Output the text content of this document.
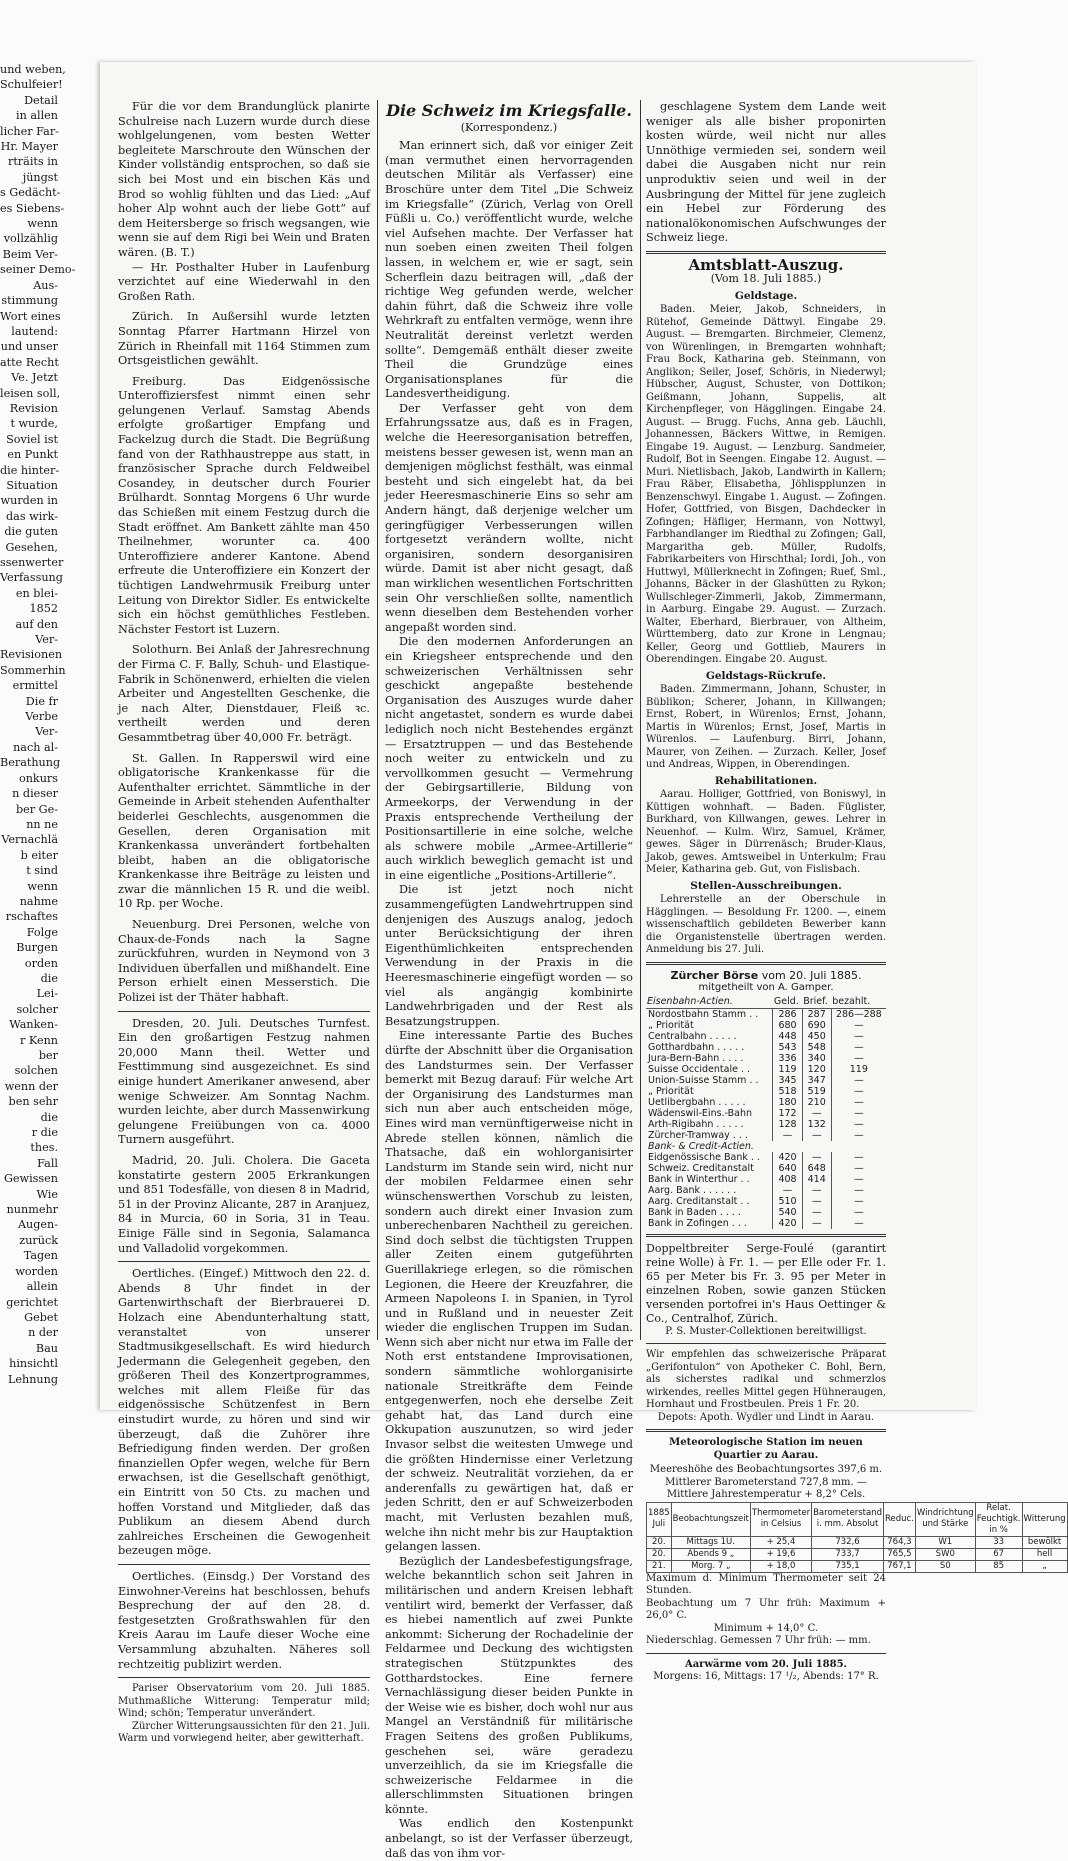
und weben,
Schulfeier!
Detail
in allen
licher Far-
Hr. Mayer
rträits in
jüngst
s Gedächt-
es Siebens-
wenn
vollzählig
Beim Ver-
seiner Demo-
Aus-
stimmung
Wort eines
lautend:
und unser
atte Recht
Ve. Jetzt
leisen soll,
Revision
t wurde,
Soviel ist
en Punkt
die hinter-
Situation
wurden in
das wirk-
die guten
Gesehen,
ssenwerter
Verfassung
en blei-
1852
auf den
Ver-
Revisionen
Sommerhin
ermittel
Die fr
Verbe
Ver-
nach al-
Berathung
onkurs
n dieser
ber Ge-
nn ne
Vernachlä
b eiter
t sind
wenn
nahme
rschaftes
Folge
Burgen
orden
die
Lei-
solcher
Wanken-
r Kenn
ber
solchen
wenn der
ben sehr
die
r die
thes.
Fall
Gewissen
Wie
nunmehr
Augen-
zurück
Tagen
worden
allein
gerichtet
Gebet
n der
Bau
hinsichtl
Lehnung

Für die vor dem Brandunglück planirte Schulreise nach Luzern wurde durch diese wohlgelungenen, vom besten Wetter begleitete Marschroute den Wünschen der Kinder vollständig entsprochen, so daß sie sich bei Most und ein bischen Käs und Brod so wohlig fühlten und das Lied: „Auf hoher Alp wohnt auch der liebe Gott“ auf dem Heitersberge so frisch wegsangen, wie wenn sie auf dem Rigi bei Wein und Braten wären. (B. T.)

— Hr. Posthalter Huber in Laufenburg verzichtet auf eine Wiederwahl in den Großen Rath.

Zürich. In Außersihl wurde letzten Sonntag Pfarrer Hartmann Hirzel von Zürich in Rheinfall mit 1164 Stimmen zum Ortsgeistlichen gewählt.

Freiburg. Das Eidgenössische Unteroffiziersfest nimmt einen sehr gelungenen Verlauf. Samstag Abends erfolgte großartiger Empfang und Fackelzug durch die Stadt. Die Begrüßung fand von der Rathhaustreppe aus statt, in französischer Sprache durch Feldweibel Cosandey, in deutscher durch Fourier Brülhardt. Sonntag Morgens 6 Uhr wurde das Schießen mit einem Festzug durch die Stadt eröffnet. Am Bankett zählte man 450 Theilnehmer, worunter ca. 400 Unteroffiziere anderer Kantone. Abend erfreute die Unteroffiziere ein Konzert der tüchtigen Landwehrmusik Freiburg unter Leitung von Direktor Sidler. Es entwickelte sich ein höchst gemüthliches Festleben. Nächster Festort ist Luzern.

Solothurn. Bei Anlaß der Jahresrechnung der Firma C. F. Bally, Schuh- und Elastique-Fabrik in Schönenwerd, erhielten die vielen Arbeiter und Angestellten Geschenke, die je nach Alter, Dienstdauer, Fleiß ꝛc. vertheilt werden und deren Gesammtbetrag über 40,000 Fr. beträgt.

St. Gallen. In Rapperswil wird eine obligatorische Krankenkasse für die Aufenthalter errichtet. Sämmtliche in der Gemeinde in Arbeit stehenden Aufenthalter beiderlei Geschlechts, ausgenommen die Gesellen, deren Organisation mit Krankenkassa unverändert fortbehalten bleibt, haben an die obligatorische Krankenkasse ihre Beiträge zu leisten und zwar die männlichen 15 R. und die weibl. 10 Rp. per Woche.

Neuenburg. Drei Personen, welche von Chaux-de-Fonds nach la Sagne zurückfuhren, wurden in Neymond von 3 Individuen überfallen und mißhandelt. Eine Person erhielt einen Messerstich. Die Polizei ist der Thäter habhaft.

Dresden, 20. Juli. Deutsches Turnfest. Ein den großartigen Festzug nahmen 20,000 Mann theil. Wetter und Festtimmung sind ausgezeichnet. Es sind einige hundert Amerikaner anwesend, aber wenige Schweizer. Am Sonntag Nachm. wurden leichte, aber durch Massenwirkung gelungene Freiübungen von ca. 4000 Turnern ausgeführt.

Madrid, 20. Juli. Cholera. Die Gaceta konstatirte gestern 2005 Erkrankungen und 851 Todesfälle, von diesen 8 in Madrid, 51 in der Provinz Alicante, 287 in Aranjuez, 84 in Murcia, 60 in Soria, 31 in Teau. Einige Fälle sind in Segonia, Salamanca und Valladolid vorgekommen.

Oertliches. (Eingef.) Mittwoch den 22. d. Abends 8 Uhr findet in der Gartenwirthschaft der Bierbrauerei D. Holzach eine Abendunterhaltung statt, veranstaltet von unserer Stadtmusikgesellschaft. Es wird hiedurch Jedermann die Gelegenheit gegeben, den größeren Theil des Konzertprogrammes, welches mit allem Fleiße für das eidgenössische Schützenfest in Bern einstudirt wurde, zu hören und sind wir überzeugt, daß die Zuhörer ihre Befriedigung finden werden. Der großen finanziellen Opfer wegen, welche für Bern erwachsen, ist die Gesellschaft genöthigt, ein Eintritt von 50 Cts. zu machen und hoffen Vorstand und Mitglieder, daß das Publikum an diesem Abend durch zahlreiches Erscheinen die Gewogenheit bezeugen möge.

Oertliches. (Einsdg.) Der Vorstand des Einwohner-Vereins hat beschlossen, behufs Besprechung der auf den 28. d. festgesetzten Großrathswahlen für den Kreis Aarau im Laufe dieser Woche eine Versammlung abzuhalten. Näheres soll rechtzeitig publizirt werden.

Pariser Observatorium vom 20. Juli 1885. Muthmaßliche Witterung: Temperatur mild; Wind; schön; Temperatur unverändert.

Zürcher Witterungsaussichten für den 21. Juli. Warm und vorwiegend heiter, aber gewitterhaft.

Die Schweiz im Kriegsfalle.
(Korrespondenz.)

Man erinnert sich, daß vor einiger Zeit (man vermuthet einen hervorragenden deutschen Militär als Verfasser) eine Broschüre unter dem Titel „Die Schweiz im Kriegsfalle“ (Zürich, Verlag von Orell Füßli u. Co.) veröffentlicht wurde, welche viel Aufsehen machte. Der Verfasser hat nun soeben einen zweiten Theil folgen lassen, in welchem er, wie er sagt, sein Scherflein dazu beitragen will, „daß der richtige Weg gefunden werde, welcher dahin führt, daß die Schweiz ihre volle Wehrkraft zu entfalten vermöge, wenn ihre Neutralität dereinst verletzt werden sollte“. Demgemäß enthält dieser zweite Theil die Grundzüge eines Organisationsplanes für die Landesvertheidigung.

Der Verfasser geht von dem Erfahrungssatze aus, daß es in Fragen, welche die Heeresorganisation betreffen, meistens besser gewesen ist, wenn man an demjenigen möglichst festhält, was einmal besteht und sich eingelebt hat, da bei jeder Heeresmaschinerie Eins so sehr am Andern hängt, daß derjenige welcher um geringfügiger Verbesserungen willen fortgesetzt verändern wollte, nicht organisiren, sondern desorganisiren würde. Damit ist aber nicht gesagt, daß man wirklichen wesentlichen Fortschritten sein Ohr verschließen sollte, namentlich wenn dieselben dem Bestehenden vorher angepaßt worden sind.

Die den modernen Anforderungen an ein Kriegsheer entsprechende und den schweizerischen Verhältnissen sehr geschickt angepaßte bestehende Organisation des Auszuges wurde daher nicht angetastet, sondern es wurde dabei lediglich noch nicht Bestehendes ergänzt — Ersatztruppen — und das Bestehende noch weiter zu entwickeln und zu vervollkommen gesucht — Vermehrung der Gebirgsartillerie, Bildung von Armeekorps, der Verwendung in der Praxis entsprechende Vertheilung der Positionsartillerie in eine solche, welche als schwere mobile „Armee-Artillerie“ auch wirklich beweglich gemacht ist und in eine eigentliche „Positions-Artillerie“.

Die ist jetzt noch nicht zusammengefügten Landwehrtruppen sind denjenigen des Auszugs analog, jedoch unter Berücksichtigung der ihren Eigenthümlichkeiten entsprechenden Verwendung in der Praxis in die Heeresmaschinerie eingefügt worden — so viel als angängig kombinirte Landwehrbrigaden und der Rest als Besatzungstruppen.

Eine interessante Partie des Buches dürfte der Abschnitt über die Organisation des Landsturmes sein. Der Verfasser bemerkt mit Bezug darauf: Für welche Art der Organisirung des Landsturmes man sich nun aber auch entscheiden möge, Eines wird man vernünftigerweise nicht in Abrede stellen können, nämlich die Thatsache, daß ein wohlorganisirter Landsturm im Stande sein wird, nicht nur der mobilen Feldarmee einen sehr wünschenswerthen Vorschub zu leisten, sondern auch direkt einer Invasion zum unberechenbaren Nachtheil zu gereichen. Sind doch selbst die tüchtigsten Truppen aller Zeiten einem gutgeführten Guerillakriege erlegen, so die römischen Legionen, die Heere der Kreuzfahrer, die Armeen Napoleons I. in Spanien, in Tyrol und in Rußland und in neuester Zeit wieder die englischen Truppen im Sudan. Wenn sich aber nicht nur etwa im Falle der Noth erst entstandene Improvisationen, sondern sämmtliche wohlorganisirte nationale Streitkräfte dem Feinde entgegenwerfen, noch ehe derselbe Zeit gehabt hat, das Land durch eine Okkupation auszunutzen, so wird jeder Invasor selbst die weitesten Umwege und die größten Hindernisse einer Verletzung der schweiz. Neutralität vorziehen, da er anderenfalls zu gewärtigen hat, daß er jeden Schritt, den er auf Schweizerboden macht, mit Verlusten bezahlen muß, welche ihn nicht mehr bis zur Hauptaktion gelangen lassen.

Bezüglich der Landesbefestigungsfrage, welche bekanntlich schon seit Jahren in militärischen und andern Kreisen lebhaft ventilirt wird, bemerkt der Verfasser, daß es hiebei namentlich auf zwei Punkte ankommt: Sicherung der Rochadelinie der Feldarmee und Deckung des wichtigsten strategischen Stützpunktes des Gotthardstockes. Eine fernere Vernachlässigung dieser beiden Punkte in der Weise wie es bisher, doch wohl nur aus Mangel an Verständniß für militärische Fragen Seitens des großen Publikums, geschehen sei, wäre geradezu unverzeihlich, da sie im Kriegsfalle die schweizerische Feldarmee in die allerschlimmsten Situationen bringen könnte.

Was endlich den Kostenpunkt anbelangt, so ist der Verfasser überzeugt, daß das von ihm vor-

geschlagene System dem Lande weit weniger als alle bisher proponirten kosten würde, weil nicht nur alles Unnöthige vermieden sei, sondern weil dabei die Ausgaben nicht nur rein unproduktiv seien und weil in der Ausbringung der Mittel für jene zugleich ein Hebel zur Förderung des nationalökonomischen Aufschwunges der Schweiz liege.

Amtsblatt-Auszug.
(Vom 18. Juli 1885.)
Geldstage.

Baden. Meier, Jakob, Schneiders, in Rütehof, Gemeinde Dättwyl. Eingabe 29. August. — Bremgarten. Birchmeier, Clemenz, von Würenlingen, in Bremgarten wohnhaft; Frau Bock, Katharina geb. Steinmann, von Anglikon; Seiler, Josef, Schöris, in Niederwyl; Hübscher, August, Schuster, von Dottikon; Geißmann, Johann, Suppelis, alt Kirchenpfleger, von Hägglingen. Eingabe 24. August. — Brugg. Fuchs, Anna geb. Läuchli, Johannessen, Bäckers Wittwe, in Remigen. Eingabe 19. August. — Lenzburg. Sandmeier, Rudolf, Bot in Seengen. Eingabe 12. August. — Muri. Nietlisbach, Jakob, Landwirth in Kallern; Frau Räber, Elisabetha, Jöhlispplunzen in Benzenschwyl. Eingabe 1. August. — Zofingen. Hofer, Gottfried, von Bisgen, Dachdecker in Zofingen; Häfliger, Hermann, von Nottwyl, Farbhandlanger im Riedthal zu Zofingen; Gall, Margaritha geb. Müller, Rudolfs, Fabrikarbeiters von Hirschthal; Iordi, Joh., von Huttwyl, Müllerknecht in Zofingen; Ruef, Sml., Johanns, Bäcker in der Glashütten zu Rykon; Wullschleger-Zimmerli, Jakob, Zimmermann, in Aarburg. Eingabe 29. August. — Zurzach. Walter, Eberhard, Bierbrauer, von Altheim, Württemberg, dato zur Krone in Lengnau; Keller, Georg und Gottlieb, Maurers in Oberendingen. Eingabe 20. August.

Geldstags-Rückrufe.

Baden. Zimmermann, Johann, Schuster, in Büblikon; Scherer, Johann, in Killwangen; Ernst, Robert, in Würenlos; Ernst, Johann, Martis in Würenlos; Ernst, Josef, Martis in Würenlos. — Laufenburg. Birri, Johann, Maurer, von Zeihen. — Zurzach. Keller, Josef und Andreas, Wippen, in Oberendingen.

Rehabilitationen.

Aarau. Holliger, Gottfried, von Boniswyl, in Küttigen wohnhaft. — Baden. Füglister, Burkhard, von Killwangen, gewes. Lehrer in Neuenhof. — Kulm. Wirz, Samuel, Krämer, gewes. Säger in Dürrenäsch; Bruder-Klaus, Jakob, gewes. Amtsweibel in Unterkulm; Frau Meier, Katharina geb. Gut, von Fislisbach.

Stellen-Ausschreibungen.

Lehrerstelle an der Oberschule in Hägglingen. — Besoldung Fr. 1200. —, einem wissenschaftlich gebildeten Bewerber kann die Organistenstelle übertragen werden. Anmeldung bis 27. Juli.

Zürcher Börse vom 20. Juli 1885.
mitgetheilt von A. Gamper.
Eisenbahn-Actien.	Geld.	Brief.	bezahlt.
Nordostbahn Stamm . .	286	287	286—288
„ Priorität	680	690	—
Centralbahn . . . . .	448	450	—
Gotthardbahn . . . . .	543	548	—
Jura-Bern-Bahn . . . .	336	340	—
Suisse Occidentale . .	119	120	119
Union-Suisse Stamm . .	345	347	—
„ Priorität	518	519	—
Uetlibergbahn . . . . .	180	210	—
Wädenswil-Eins.-Bahn	172	—	—
Arth-Rigibahn . . . . .	128	132	—
Zürcher-Tramway . . .	—	—	—
Bank- & Credit-Actien.			
Eidgenössische Bank . .	420	—	—
Schweiz. Creditanstalt	640	648	—
Bank in Winterthur . .	408	414	—
Aarg. Bank . . . . . .	—	—	—
Aarg. Creditanstalt . .	510	—	—
Bank in Baden . . . .	540	—	—
Bank in Zofingen . . .	420	—	—

Doppeltbreiter Serge-Foulé (garantirt reine Wolle) à Fr. 1. — per Elle oder Fr. 1. 65 per Meter bis Fr. 3. 95 per Meter in einzelnen Roben, sowie ganzen Stücken versenden portofrei in's Haus Oettinger & Co., Centralhof, Zürich.

P. S. Muster-Collektionen bereitwilligst.

Wir empfehlen das schweizerische Präparat „Gerifontulon“ von Apotheker C. Bohl, Bern, als sicherstes radikal und schmerzlos wirkendes, reelles Mittel gegen Hühneraugen, Hornhaut und Frostbeulen. Preis 1 Fr. 20.

Depots: Apoth. Wydler und Lindt in Aarau.

Meteorologische Station im neuen Quartier zu Aarau.
Meereshöhe des Beobachtungsortes 397,6 m.
Mittlerer Barometerstand 727,8 mm. —Mittlere Jahrestemperatur + 8,2° Cels.
1885 Juli	Beobachtungszeit	Thermometer in Celsius	Barometerstand i. mm. Absolut	Reduc.	Windrichtung und Stärke	Relat. Feuchtigk. in %	Witterung
20.	Mittags 1U.	+ 25,4	732,6	764,3	W1	33	bewölkt
20.	Abends 9 „	+ 19,6	733,7	765,5	SW0	67	hell
21.	Morg. 7 „	+ 18,0	735,1	767,1	S0	85	„
Maximum d. Minimum Thermometer seit 24 Stunden.
Beobachtung um 7 Uhr früh: Maximum + 26,0° C.
Minimum + 14,0° C.
Niederschlag. Gemessen 7 Uhr früh: — mm.
Aarwärme vom 20. Juli 1885.
Morgens: 16, Mittags: 17 ¹/₂, Abends: 17° R.
